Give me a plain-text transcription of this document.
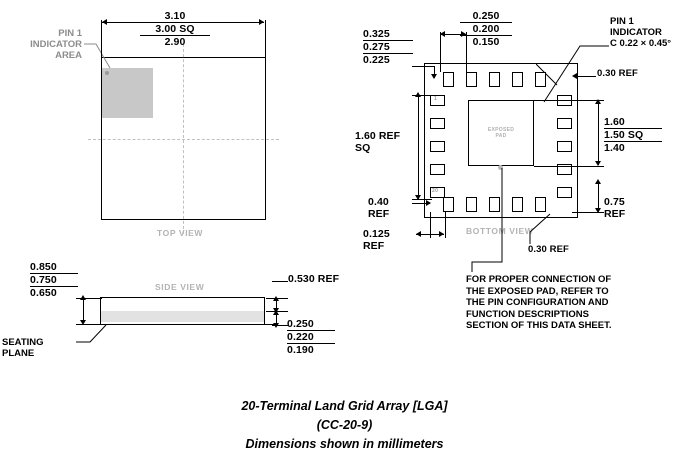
TOP VIEW
PIN 1
INDICATOR
AREA
3.10
3.00 SQ
2.90
EXPOSED
PAD
1
20
BOTTOM VIEW
PIN 1
INDICATOR
C 0.22 × 0.45°
0.250
0.200
0.150
0.325
0.275
0.225
0.30 REF
1.60
1.50 SQ
1.40
0.75
REF
1.60 REF
SQ
0.40
REF
0.125
REF	0.30 REF
FOR PROPER CONNECTION OF
THE EXPOSED PAD, REFER TO
THE PIN CONFIGURATION AND
FUNCTION DESCRIPTIONS
SECTION OF THIS DATA SHEET.
SIDE VIEW
0.850
0.750
0.650
SEATING
PLANE
0.530 REF
0.250
0.220
0.190
20-Terminal Land Grid Array [LGA]
(CC-20-9)
Dimensions shown in millimeters
